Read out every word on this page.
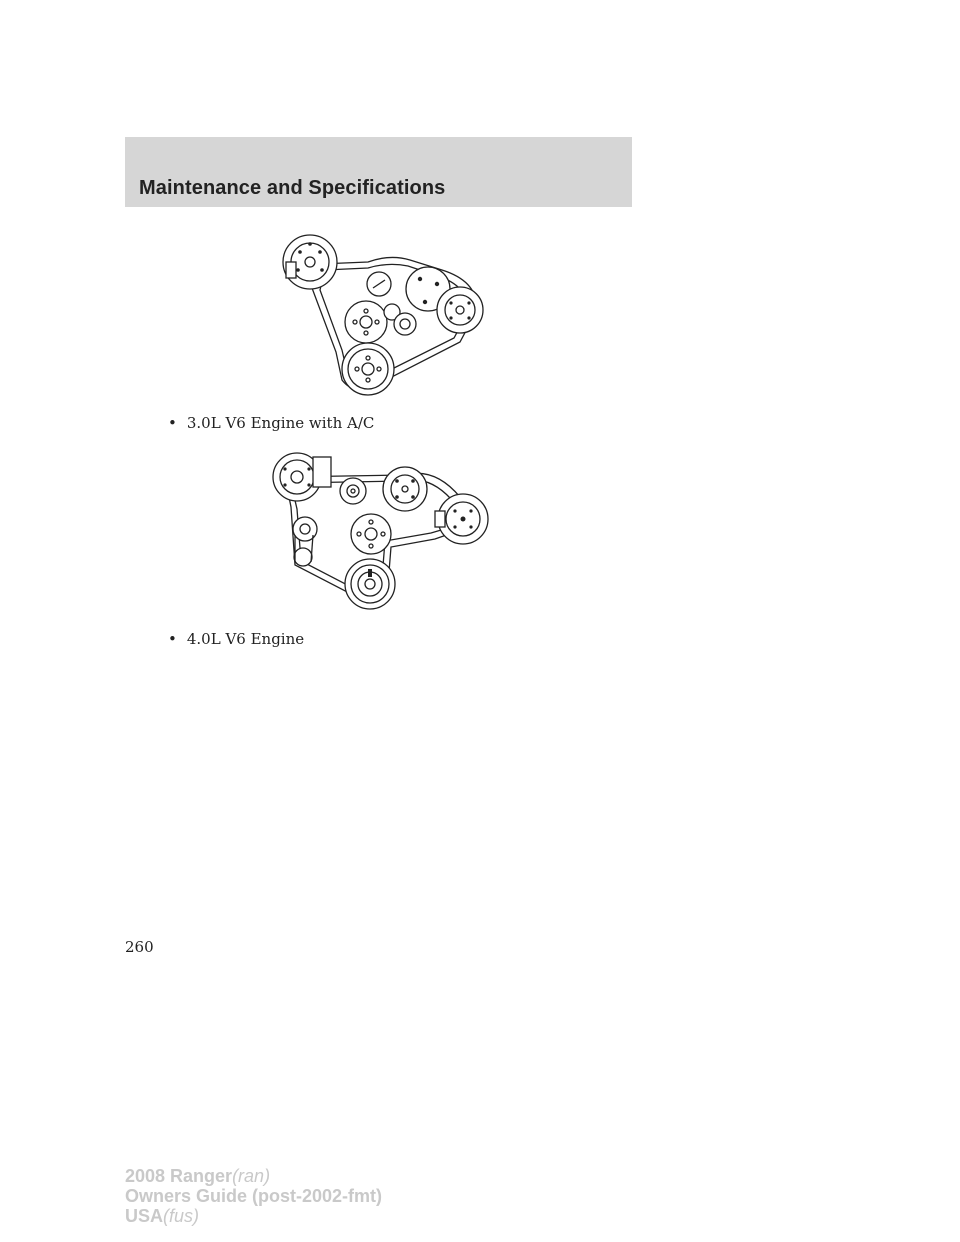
Maintenance and Specifications
• 3.0L V6 Engine with A/C
• 4.0L V6 Engine
260
2008 Ranger(ran)
Owners Guide (post-2002-fmt)
USA(fus)
